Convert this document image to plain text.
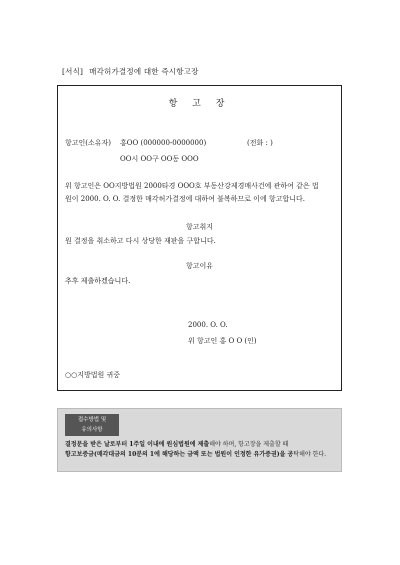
[서식] 매각허가결정에 대한 즉시항고장
항 고 장
항고인(소유자) 홍OO (000000-0000000)	(전화 : )
OO시 OO구 OO동 OOO
위 항고인은 OO지방법원 2000타경 OOO호 부동산강제경매사건에 관하여 같은 법
원이 2000. O. O. 결정한 매각허가결정에 대하여 불복하므로 이에 항고합니다.
항고취지
원 결정을 취소하고 다시 상당한 재판을 구합니다.
항고이유
추후 제출하겠습니다.
2000. O. O.
위 항고인 홍 O O (인)
○○지방법원 귀중
접수방법 및
유의사항
결정문을 받은 날로부터 1주일 이내에 원심법원에 제출해야 하며, 항고장을 제출할 때
항고보증금(매각대금의 10분의 1에 해당하는 금액 또는 법원이 인정한 유가증권)을 공탁해야 한다.
